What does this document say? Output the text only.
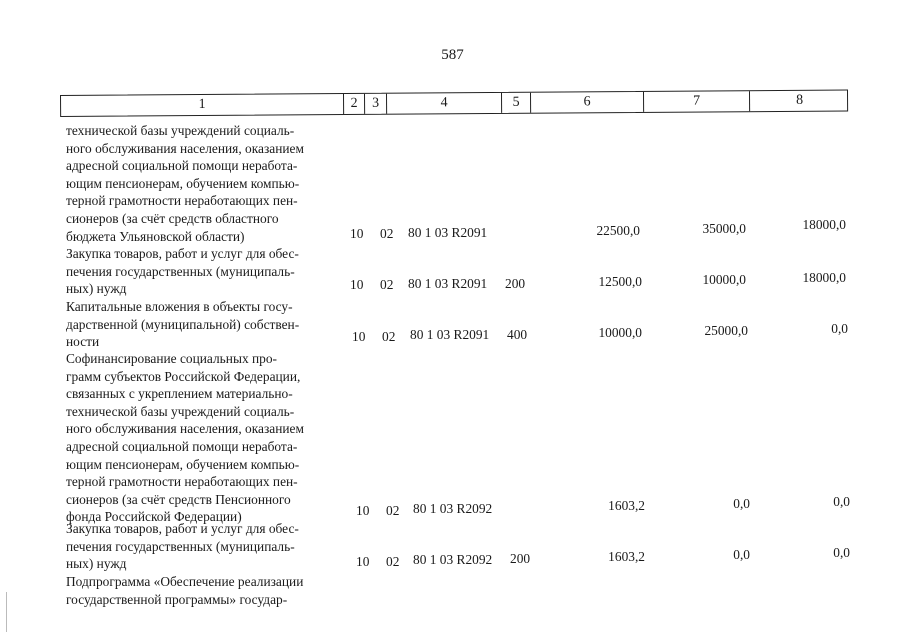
587
1	2	3	4	5	6	7	8
технической базы учреждений социаль-
ного обслуживания населения, оказанием
адресной социальной помощи неработа-
ющим пенсионерам, обучением компью-
терной грамотности неработающих пен-
сионеров (за счёт средств областного
бюджета Ульяновской области)	10 02 80 1 03 R2091	22500,0	35000,0	18000,0
Закупка товаров, работ и услуг для обес-
печения государственных (муниципаль-
ных) нужд	10 02 80 1 03 R2091 200	12500,0	10000,0	18000,0
Капитальные вложения в объекты госу-
дарственной (муниципальной) собствен-
ности	10 02 80 1 03 R2091 400	10000,0	25000,0	0,0
Софинансирование социальных про-
грамм субъектов Российской Федерации,
связанных с укреплением материально-
технической базы учреждений социаль-
ного обслуживания населения, оказанием
адресной социальной помощи неработа-
ющим пенсионерам, обучением компью-
терной грамотности неработающих пен-
сионеров (за счёт средств Пенсионного
фонда Российской Федерации)	10 02 80 1 03 R2092	1603,2	0,0	0,0
Закупка товаров, работ и услуг для обес-
печения государственных (муниципаль-
ных) нужд	10 02 80 1 03 R2092 200	1603,2	0,0	0,0
Подпрограмма «Обеспечение реализации
государственной программы» государ-
